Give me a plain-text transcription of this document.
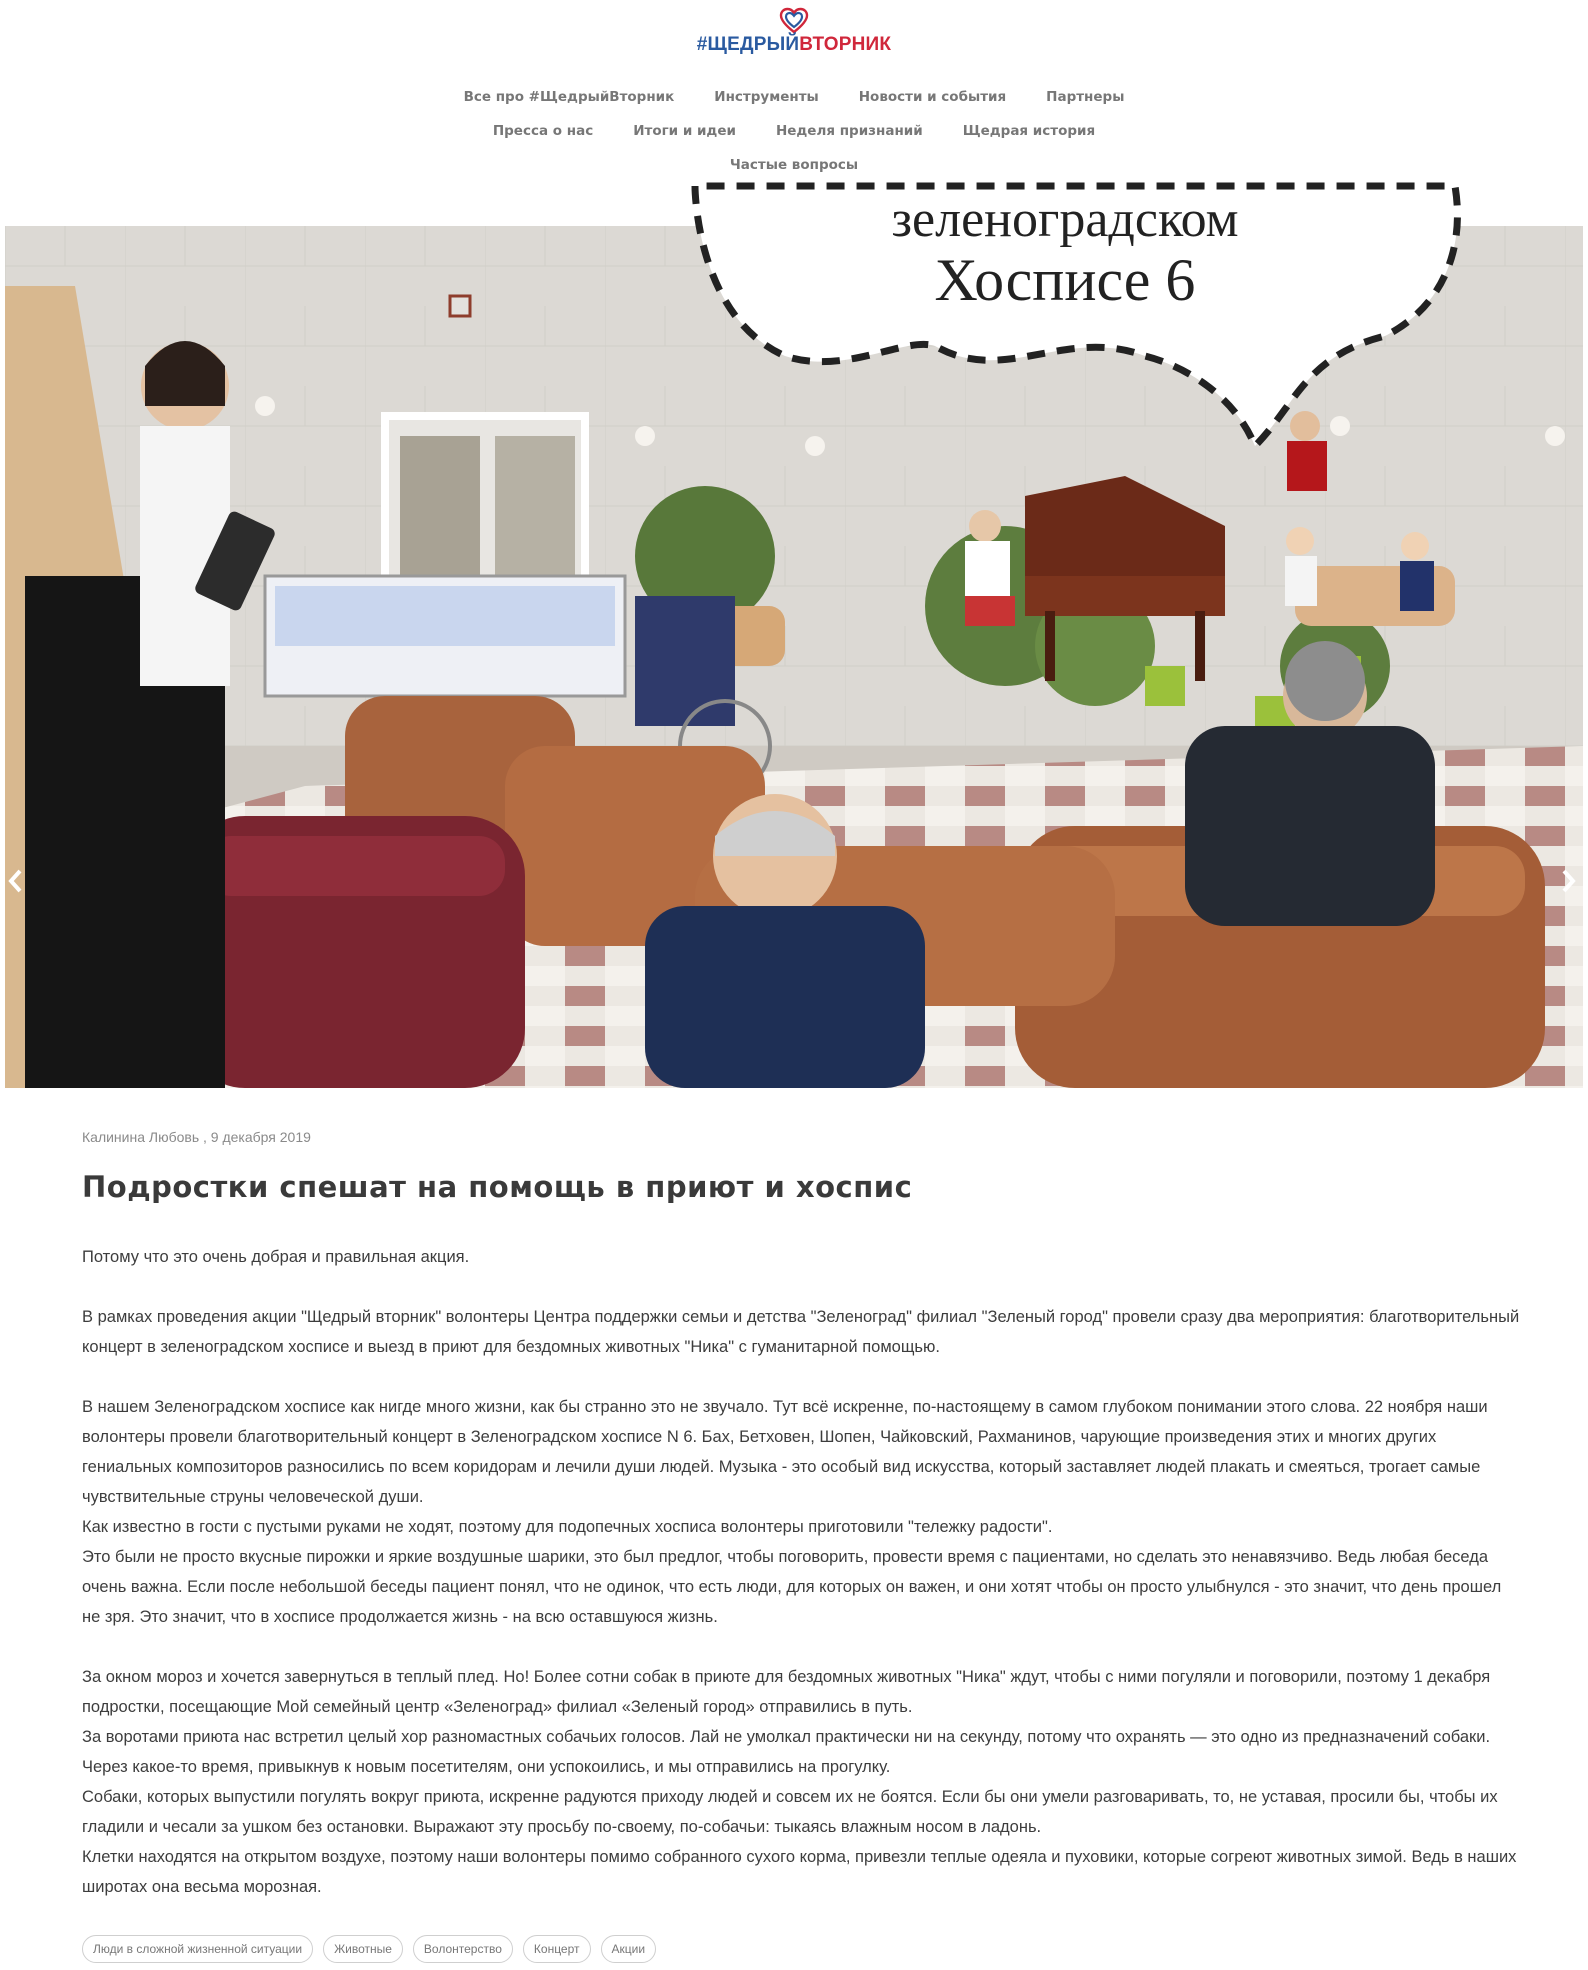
#ЩЕДРЫЙВТОРНИК
Все про #ЩедрыйВторник	Инструменты	Новости и события	Партнеры
Пресса о нас	Итоги и идеи	Неделя признаний	Щедрая история
Частые вопросы
Хосписе 6
зеленоградском
Калинина Любовь , 9 декабря 2019
Подростки спешат на помощь в приют и хоспис

Потому что это очень добрая и правильная акция.

В рамках проведения акции "Щедрый вторник" волонтеры Центра поддержки семьи и детства "Зеленоград" филиал "Зеленый город" провели сразу два мероприятия: благотворительный концерт в зеленоградском хосписе и выезд в приют для бездомных животных "Ника" с гуманитарной помощью.

В нашем Зеленоградском хосписе как нигде много жизни, как бы странно это не звучало. Тут всё искренне, по-настоящему в самом глубоком понимании этого слова. 22 ноября наши волонтеры провели благотворительный концерт в Зеленоградском хосписе N 6. Бах, Бетховен, Шопен, Чайковский, Рахманинов, чарующие произведения этих и многих других гениальных композиторов разносились по всем коридорам и лечили души людей. Музыка - это особый вид искусства, который заставляет людей плакать и смеяться, трогает самые чувствительные струны человеческой души.

Как известно в гости с пустыми руками не ходят, поэтому для подопечных хосписа волонтеры приготовили "тележку радости".

Это были не просто вкусные пирожки и яркие воздушные шарики, это был предлог, чтобы поговорить, провести время с пациентами, но сделать это ненавязчиво. Ведь любая беседа очень важна. Если после небольшой беседы пациент понял, что не одинок, что есть люди, для которых он важен, и они хотят чтобы он просто улыбнулся - это значит, что день прошел не зря. Это значит, что в хосписе продолжается жизнь - на всю оставшуюся жизнь.

За окном мороз и хочется завернуться в теплый плед. Но! Более сотни собак в приюте для бездомных животных "Ника" ждут, чтобы с ними погуляли и поговорили, поэтому 1 декабря подростки, посещающие Мой семейный центр «Зеленоград» филиал «Зеленый город» отправились в путь.

За воротами приюта нас встретил целый хор разномастных собачьих голосов. Лай не умолкал практически ни на секунду, потому что охранять — это одно из предназначений собаки. Через какое-то время, привыкнув к новым посетителям, они успокоились, и мы отправились на прогулку.

Собаки, которых выпустили погулять вокруг приюта, искренне радуются приходу людей и совсем их не боятся. Если бы они умели разговаривать, то, не уставая, просили бы, чтобы их гладили и чесали за ушком без остановки. Выражают эту просьбу по-своему, по-собачьи: тыкаясь влажным носом в ладонь.

Клетки находятся на открытом воздухе, поэтому наши волонтеры помимо собранного сухого корма, привезли теплые одеяла и пуховики, которые согреют животных зимой. Ведь в наших широтах она весьма морозная.

Люди в сложной жизненной ситуации	Животные	Волонтерство	Концерт	Акции
